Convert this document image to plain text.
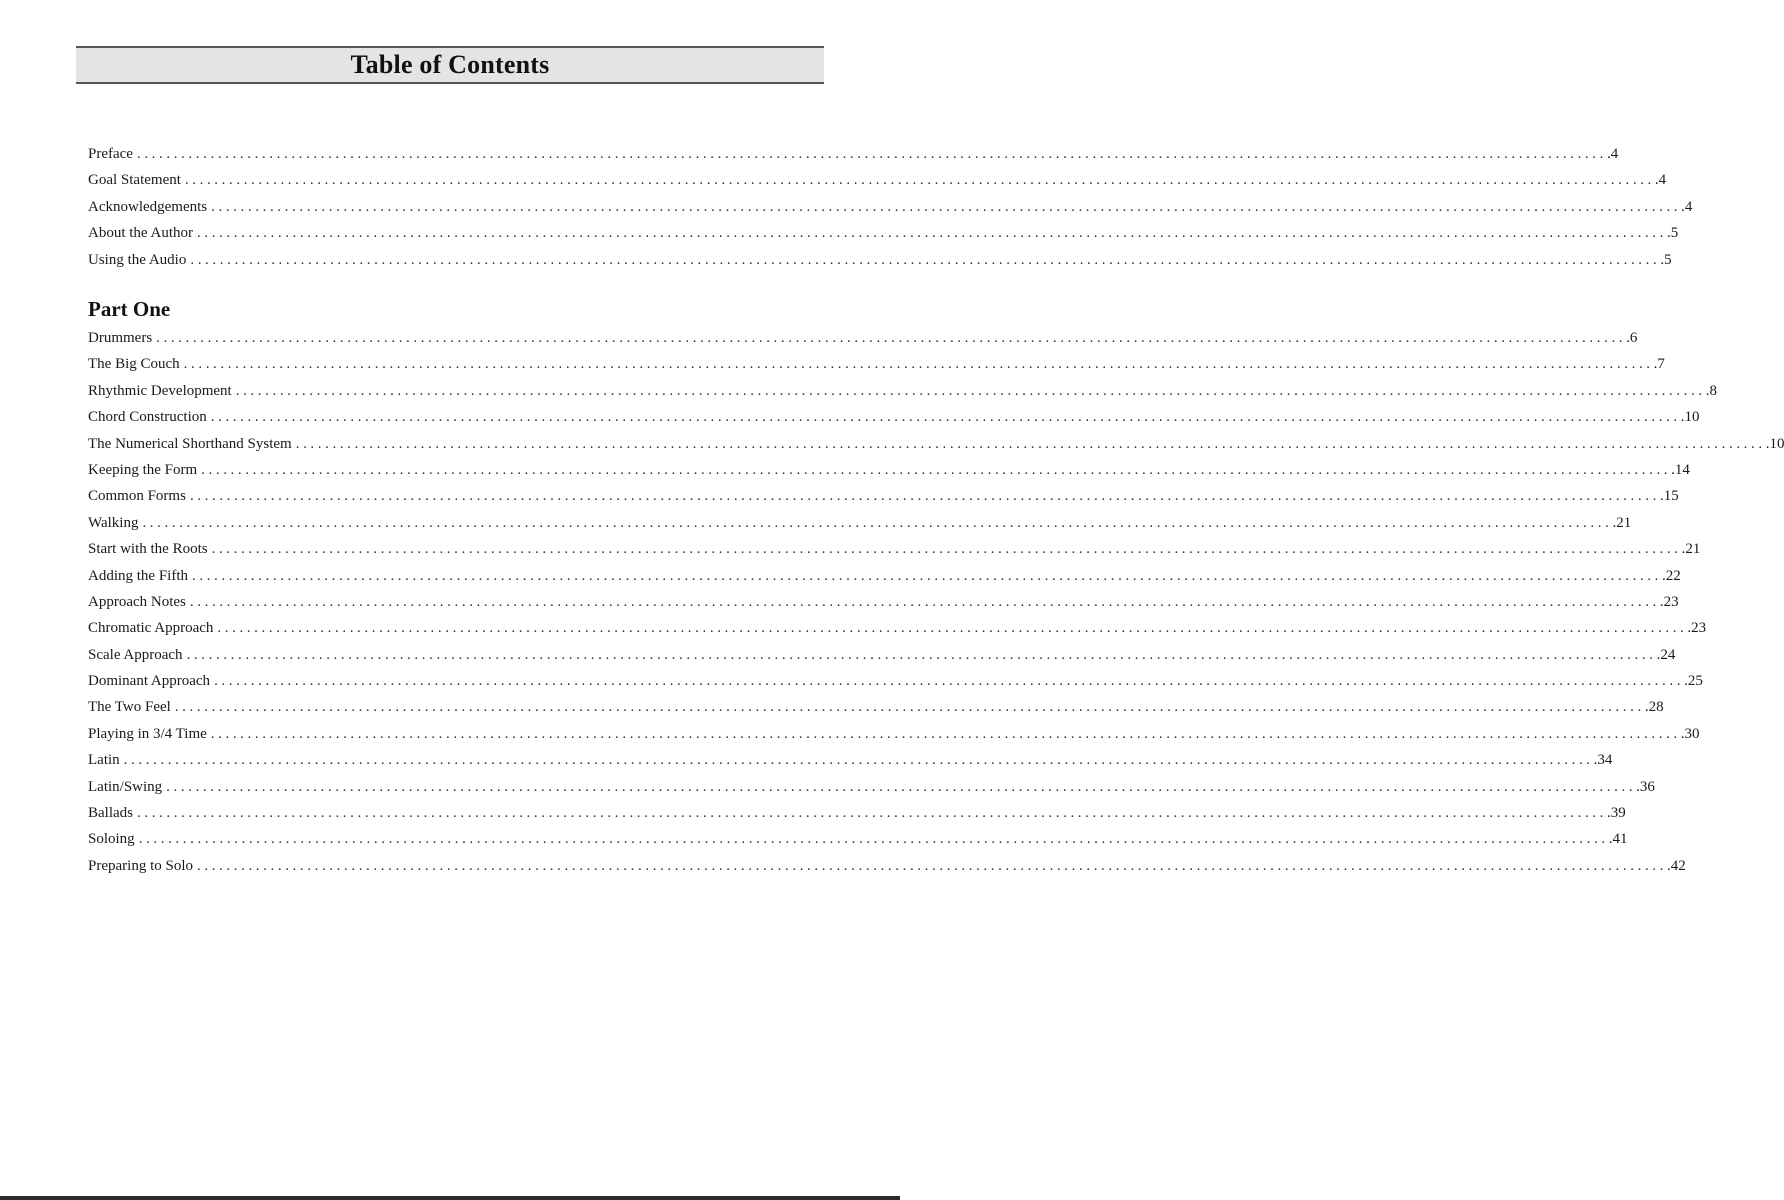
Table of Contents
Preface ........................................................................................................................................................................................................ .4
Goal Statement ........................................................................................................................................................................................................ .4
Acknowledgements ........................................................................................................................................................................................................ .4
About the Author ........................................................................................................................................................................................................ .5
Using the Audio ........................................................................................................................................................................................................ .5
Part One
Drummers ........................................................................................................................................................................................................ .6
The Big Couch ........................................................................................................................................................................................................ .7
Rhythmic Development ........................................................................................................................................................................................................ .8
Chord Construction ........................................................................................................................................................................................................ .10
The Numerical Shorthand System ........................................................................................................................................................................................................ .10
Keeping the Form ........................................................................................................................................................................................................ .14
Common Forms ........................................................................................................................................................................................................ .15
Walking ........................................................................................................................................................................................................ .21
Start with the Roots ........................................................................................................................................................................................................ .21
Adding the Fifth ........................................................................................................................................................................................................ .22
Approach Notes ........................................................................................................................................................................................................ .23
Chromatic Approach ........................................................................................................................................................................................................ .23
Scale Approach ........................................................................................................................................................................................................ .24
Dominant Approach ........................................................................................................................................................................................................ .25
The Two Feel ........................................................................................................................................................................................................ .28
Playing in 3/4 Time ........................................................................................................................................................................................................ .30
Latin ........................................................................................................................................................................................................ .34
Latin/Swing ........................................................................................................................................................................................................ .36
Ballads ........................................................................................................................................................................................................ .39
Soloing ........................................................................................................................................................................................................ .41
Preparing to Solo ........................................................................................................................................................................................................ .42
